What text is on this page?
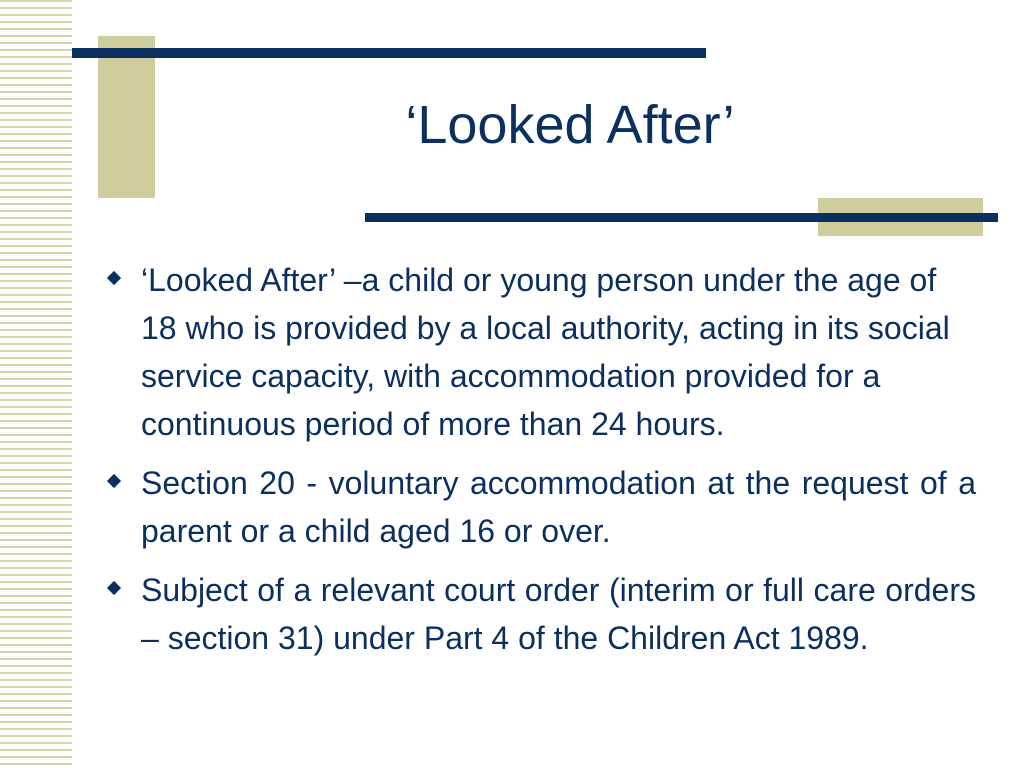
‘Looked After’
‘Looked After’ –a child or young person under the age of 18 who is provided by a local authority, acting in its social service capacity, with accommodation provided for a continuous period of more than 24 hours.
Section 20 - voluntary accommodation at the request of a parent or a child aged 16 or over.
Subject of a relevant court order (interim or full care orders – section 31) under Part 4 of the Children Act 1989.
